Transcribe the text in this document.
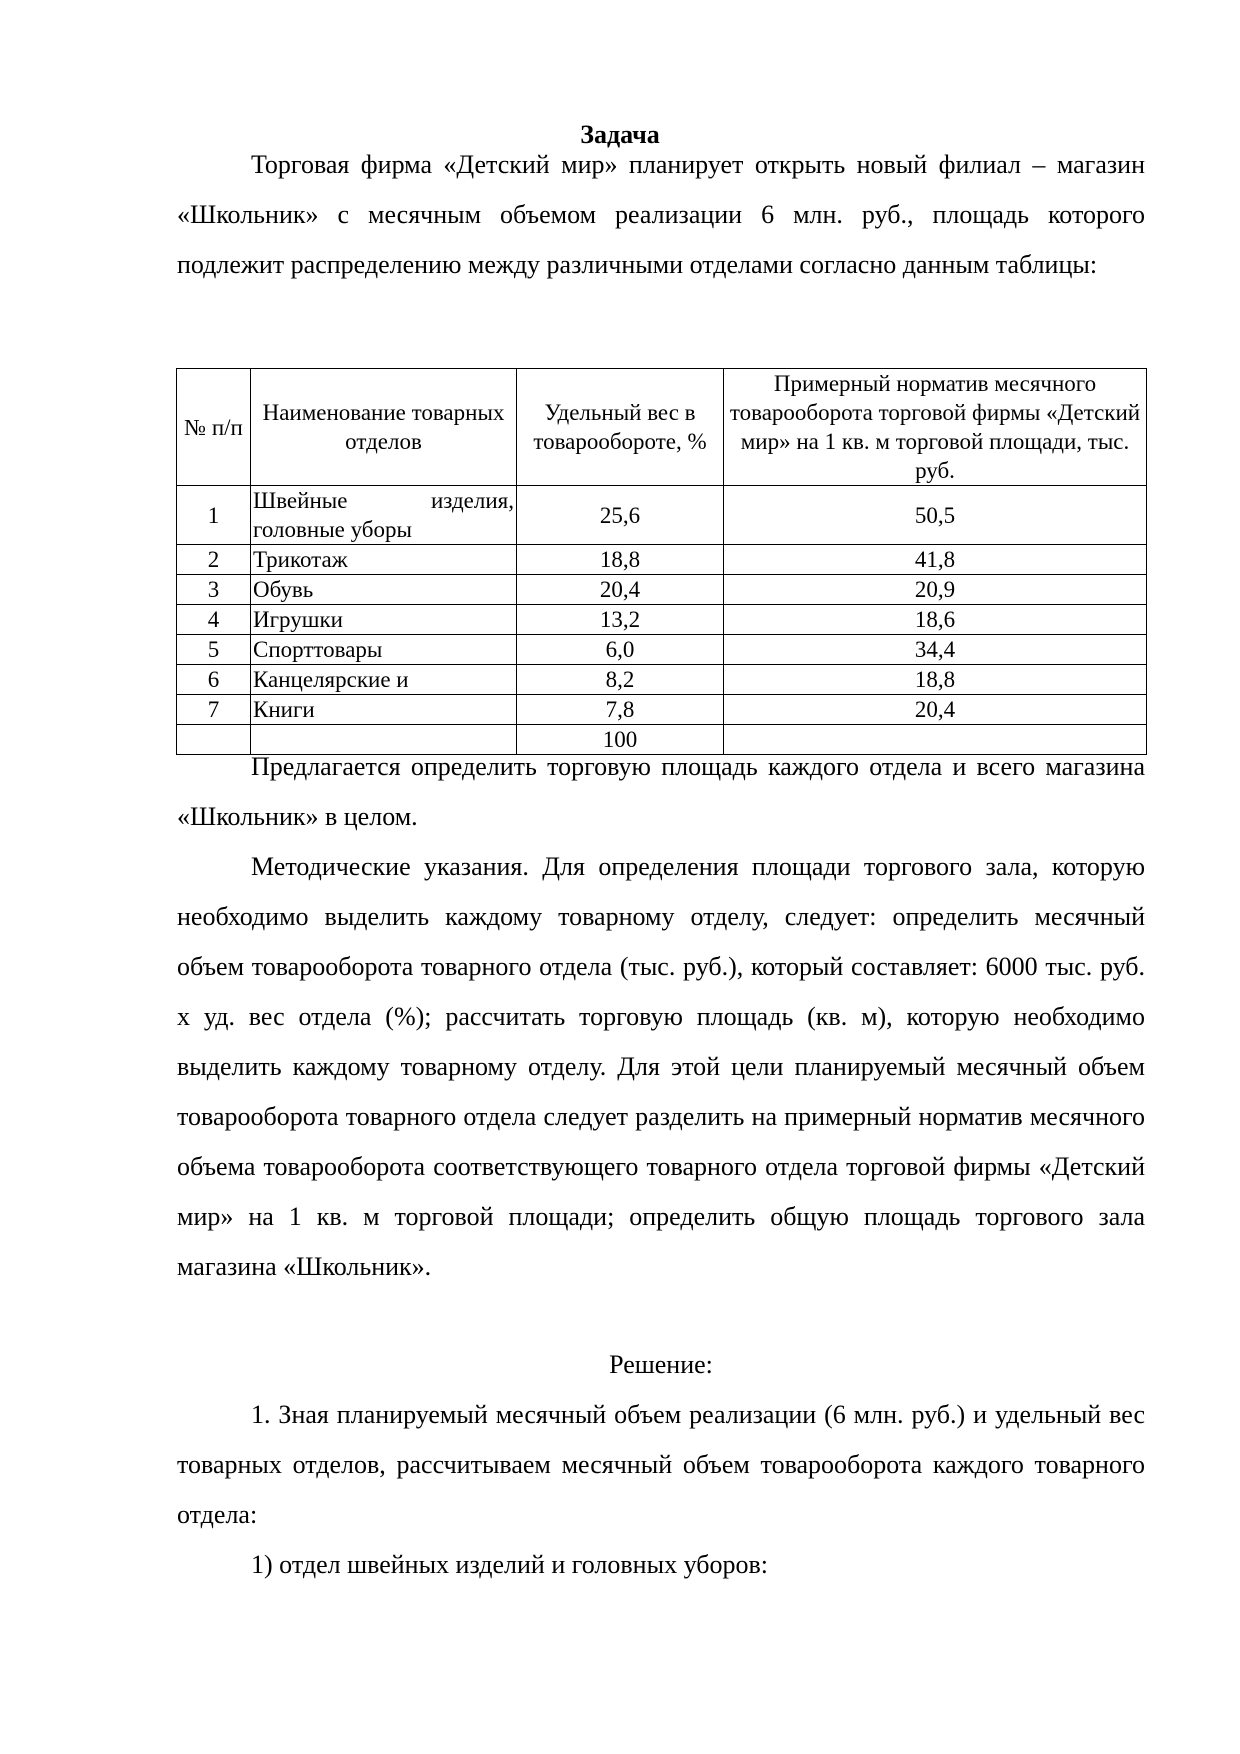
Задача

Торговая фирма «Детский мир» планирует открыть новый филиал – магазин «Школьник» с месячным объемом реализации 6 млн. руб., площадь которого подлежит распределению между различными отделами согласно данным таблицы:

№ п/п	Наименование товарных отделов	Удельный вес в товарообороте, %	Примерный норматив месячного товарооборота торговой фирмы «Детский мир» на 1 кв. м торговой площади, тыс. руб.
1	Швейные изделия, головные уборы	25,6	50,5
2	Трикотаж	18,8	41,8
3	Обувь	20,4	20,9
4	Игрушки	13,2	18,6
5	Спорттовары	6,0	34,4
6	Канцелярские и	8,2	18,8
7	Книги	7,8	20,4
		100	

Предлагается определить торговую площадь каждого отдела и всего магазина «Школьник» в целом.

Методические указания. Для определения площади торгового зала, которую необходимо выделить каждому товарному отделу, следует: определить месячный объем товарооборота товарного отдела (тыс. руб.), который составляет: 6000 тыс. руб. х уд. вес отдела (%); рассчитать торговую площадь (кв. м), которую необходимо выделить каждому товарному отделу. Для этой цели планируемый месячный объем товарооборота товарного отдела следует разделить на примерный норматив месячного объема товарооборота соответствующего товарного отдела торговой фирмы «Детский мир» на 1 кв. м торговой площади; определить общую площадь торгового зала магазина «Школьник».

Решение:

1. Зная планируемый месячный объем реализации (6 млн. руб.) и удельный вес товарных отделов, рассчитываем месячный объем товарооборота каждого товарного отдела:

1) отдел швейных изделий и головных уборов:
